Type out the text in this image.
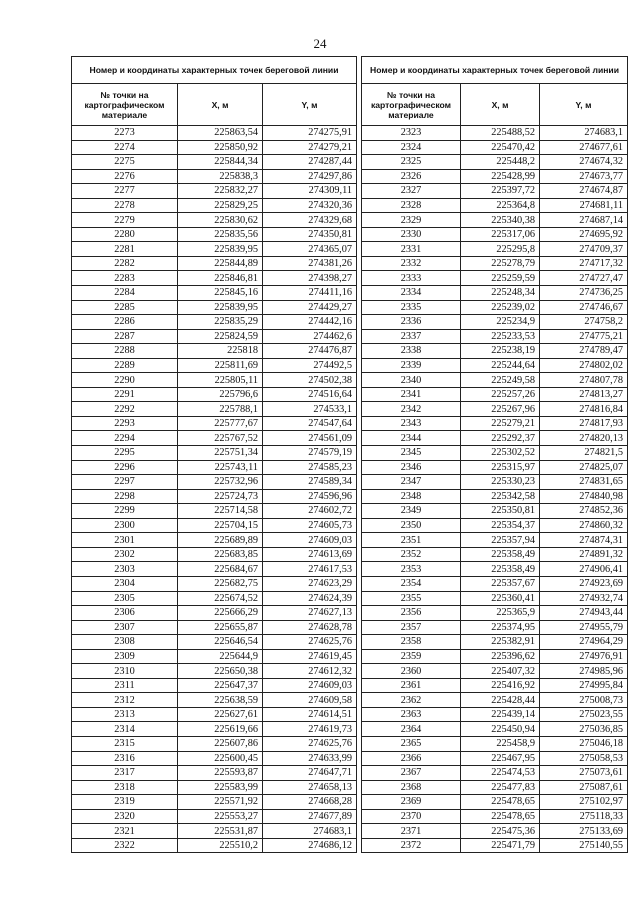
24
Номер и координаты характерных точек береговой линии		
№ точки на картографическом материале	X, м	Y, м
2273	225863,54	274275,91
2274	225850,92	274279,21
2275	225844,34	274287,44
2276	225838,3	274297,86
2277	225832,27	274309,11
2278	225829,25	274320,36
2279	225830,62	274329,68
2280	225835,56	274350,81
2281	225839,95	274365,07
2282	225844,89	274381,26
2283	225846,81	274398,27
2284	225845,16	274411,16
2285	225839,95	274429,27
2286	225835,29	274442,16
2287	225824,59	274462,6
2288	225818	274476,87
2289	225811,69	274492,5
2290	225805,11	274502,38
2291	225796,6	274516,64
2292	225788,1	274533,1
2293	225777,67	274547,64
2294	225767,52	274561,09
2295	225751,34	274579,19
2296	225743,11	274585,23
2297	225732,96	274589,34
2298	225724,73	274596,96
2299	225714,58	274602,72
2300	225704,15	274605,73
2301	225689,89	274609,03
2302	225683,85	274613,69
2303	225684,67	274617,53
2304	225682,75	274623,29
2305	225674,52	274624,39
2306	225666,29	274627,13
2307	225655,87	274628,78
2308	225646,54	274625,76
2309	225644,9	274619,45
2310	225650,38	274612,32
2311	225647,37	274609,03
2312	225638,59	274609,58
2313	225627,61	274614,51
2314	225619,66	274619,73
2315	225607,86	274625,76
2316	225600,45	274633,99
2317	225593,87	274647,71
2318	225583,99	274658,13
2319	225571,92	274668,28
2320	225553,27	274677,89
2321	225531,87	274683,1
2322	225510,2	274686,12
Номер и координаты характерных точек береговой линии		
№ точки на картографическом материале	X, м	Y, м
2323	225488,52	274683,1
2324	225470,42	274677,61
2325	225448,2	274674,32
2326	225428,99	274673,77
2327	225397,72	274674,87
2328	225364,8	274681,11
2329	225340,38	274687,14
2330	225317,06	274695,92
2331	225295,8	274709,37
2332	225278,79	274717,32
2333	225259,59	274727,47
2334	225248,34	274736,25
2335	225239,02	274746,67
2336	225234,9	274758,2
2337	225233,53	274775,21
2338	225238,19	274789,47
2339	225244,64	274802,02
2340	225249,58	274807,78
2341	225257,26	274813,27
2342	225267,96	274816,84
2343	225279,21	274817,93
2344	225292,37	274820,13
2345	225302,52	274821,5
2346	225315,97	274825,07
2347	225330,23	274831,65
2348	225342,58	274840,98
2349	225350,81	274852,36
2350	225354,37	274860,32
2351	225357,94	274874,31
2352	225358,49	274891,32
2353	225358,49	274906,41
2354	225357,67	274923,69
2355	225360,41	274932,74
2356	225365,9	274943,44
2357	225374,95	274955,79
2358	225382,91	274964,29
2359	225396,62	274976,91
2360	225407,32	274985,96
2361	225416,92	274995,84
2362	225428,44	275008,73
2363	225439,14	275023,55
2364	225450,94	275036,85
2365	225458,9	275046,18
2366	225467,95	275058,53
2367	225474,53	275073,61
2368	225477,83	275087,61
2369	225478,65	275102,97
2370	225478,65	275118,33
2371	225475,36	275133,69
2372	225471,79	275140,55
